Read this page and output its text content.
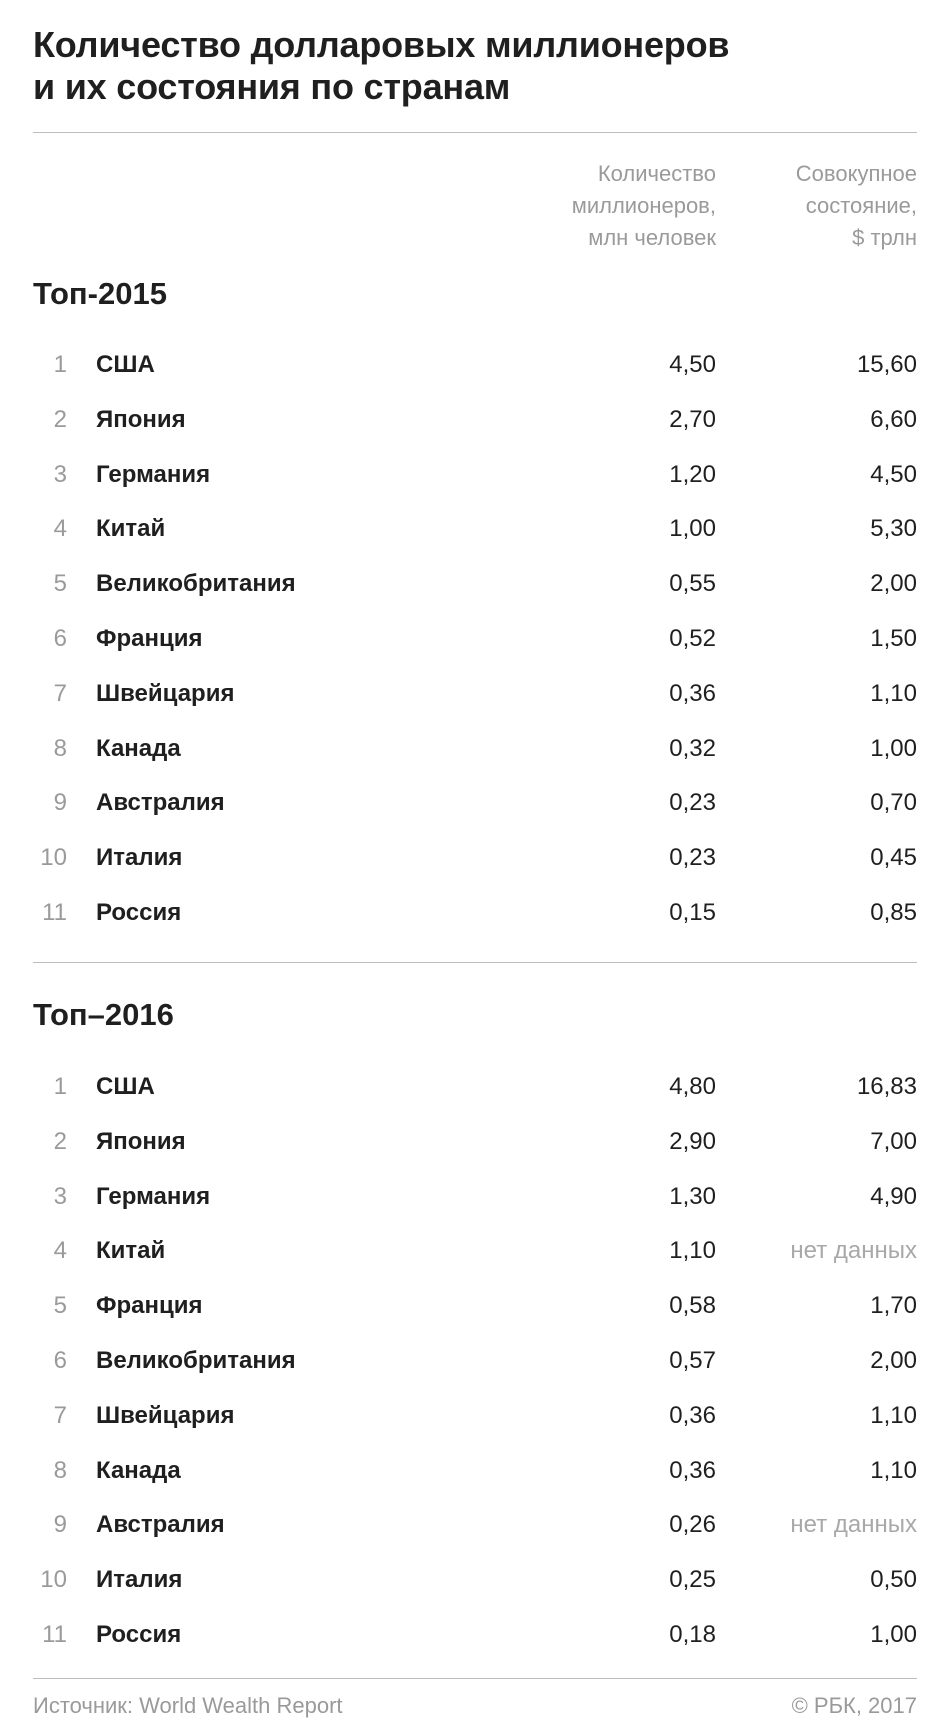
Количество долларовых миллионеров
и их состояния по странам
Количество
миллионеров,
млн человек
Совокупное
состояние,
$ трлн
Топ-2015
1 США	4,50	15,60
2 Япония	2,70	6,60
3 Германия	1,20	4,50
4 Китай	1,00	5,30
5 Великобритания	0,55	2,00
6 Франция	0,52	1,50
7 Швейцария	0,36	1,10
8 Канада	0,32	1,00
9 Австралия	0,23	0,70
10 Италия	0,23	0,45
11 Россия	0,15	0,85
Топ–2016
1 США	4,80	16,83
2 Япония	2,90	7,00
3 Германия	1,30	4,90
4 Китай	1,10	нет данных
5 Франция	0,58	1,70
6 Великобритания	0,57	2,00
7 Швейцария	0,36	1,10
8 Канада	0,36	1,10
9 Австралия	0,26	нет данных
10 Италия	0,25	0,50
11 Россия	0,18	1,00
Источник: World Wealth Report	© РБК, 2017
